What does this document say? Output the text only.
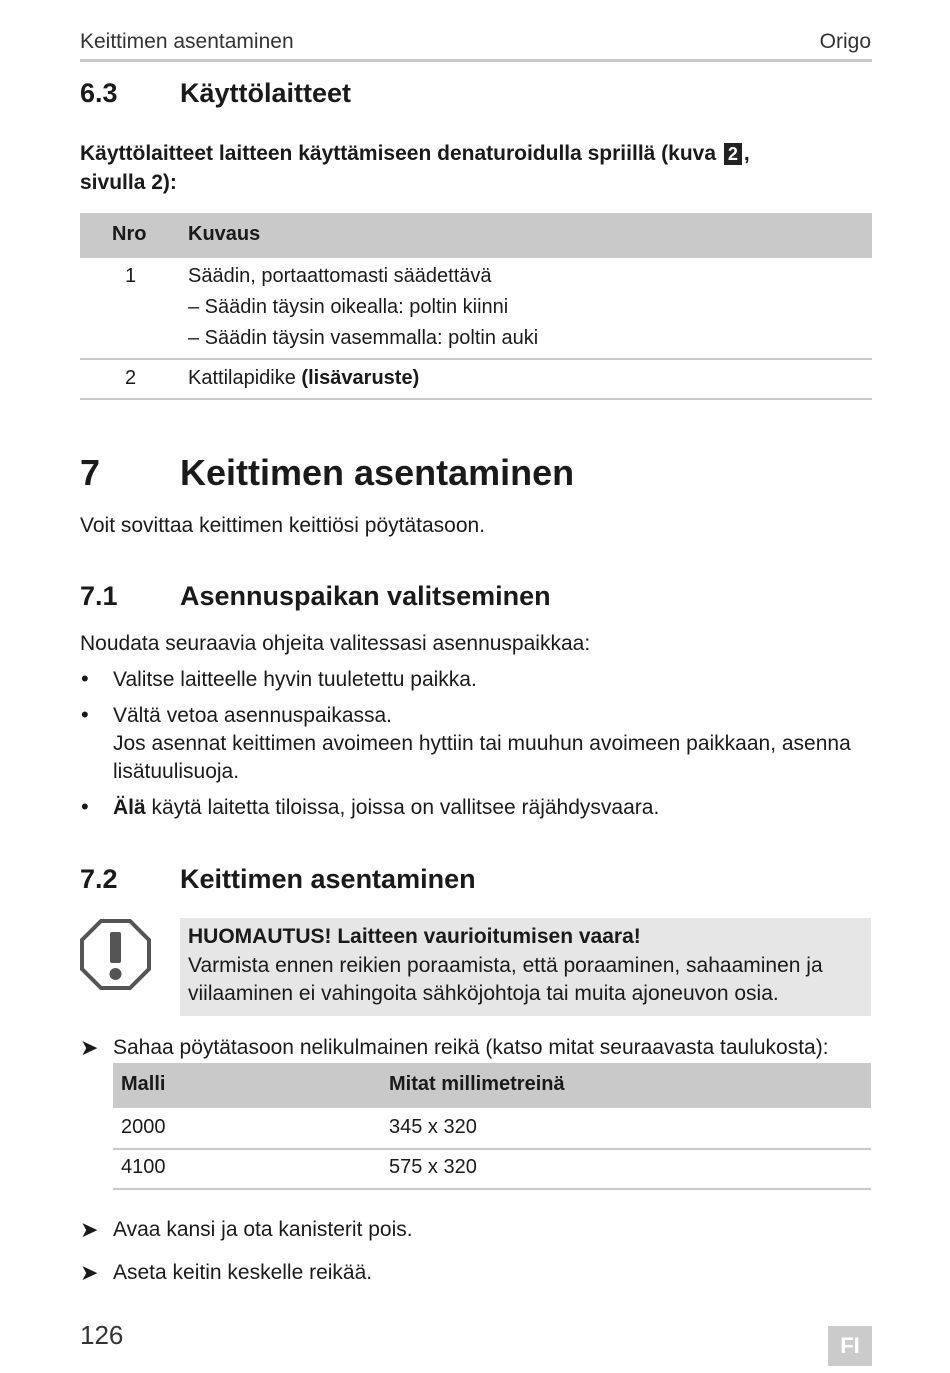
Keittimen asentaminen	Origo
6.3 Käyttölaitteet
Käyttölaitteet laitteen käyttämiseen denaturoidulla spriillä (kuva 2 ,
sivulla 2):
Nro Kuvaus
1	Säädin, portaattomasti säädettävä
– Säädin täysin oikealla: poltin kiinni
– Säädin täysin vasemmalla: poltin auki
2	Kattilapidike (lisävaruste)
7 Keittimen asentaminen
Voit sovittaa keittimen keittiösi pöytätasoon.
7.1 Asennuspaikan valitseminen
Noudata seuraavia ohjeita valitessasi asennuspaikkaa:
• Valitse laitteelle hyvin tuuletettu paikka.
• Vältä vetoa asennuspaikassa.
Jos asennat keittimen avoimeen hyttiin tai muuhun avoimeen paikkaan, asenna
lisätuulisuoja.
• Älä käytä laitetta tiloissa, joissa on vallitsee räjähdysvaara.
7.2 Keittimen asentaminen
HUOMAUTUS! Laitteen vaurioitumisen vaara!
Varmista ennen reikien poraamista, että poraaminen, sahaaminen ja
viilaaminen ei vahingoita sähköjohtoja tai muita ajoneuvon osia.
➤ Sahaa pöytätasoon nelikulmainen reikä (katso mitat seuraavasta taulukosta):
Malli	Mitat millimetreinä
2000	345 x 320
4100	575 x 320
➤ Avaa kansi ja ota kanisterit pois.
➤ Aseta keitin keskelle reikää.
126	FI
